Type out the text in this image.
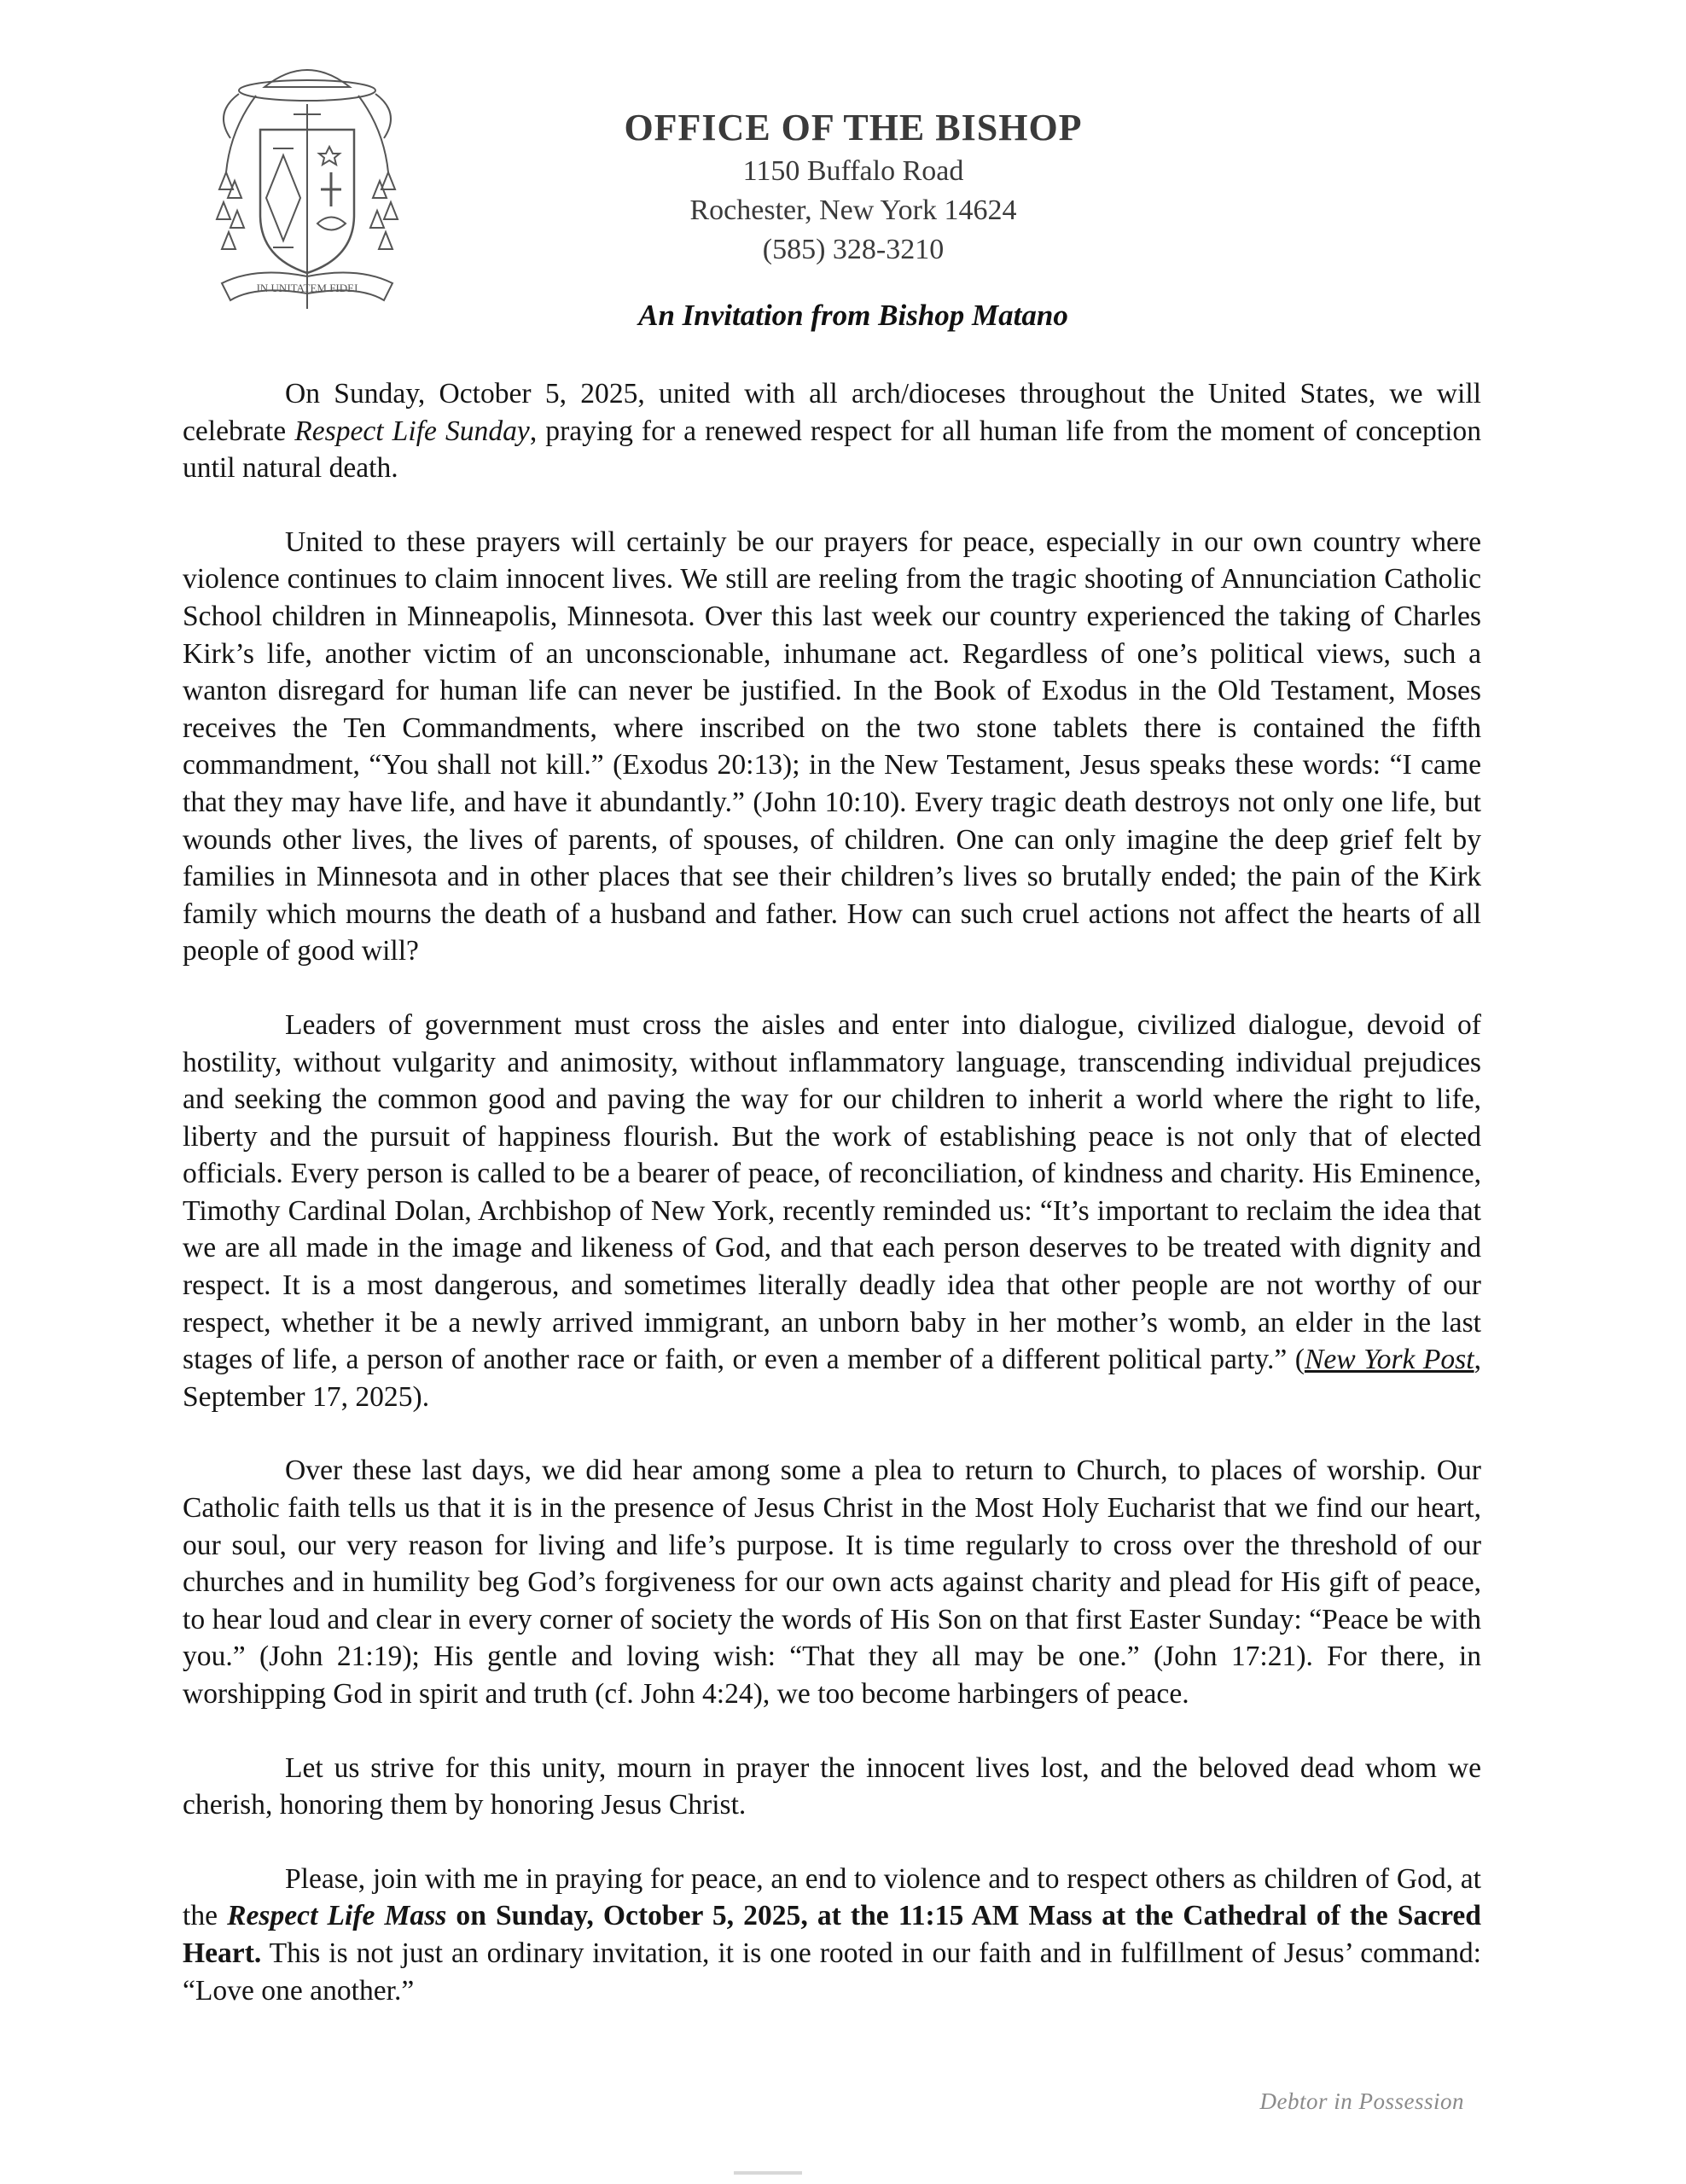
IN UNITATEM FIDEI
OFFICE OF THE BISHOP
1150 Buffalo Road
Rochester, New York 14624
(585) 328-3210
An Invitation from Bishop Matano

On Sunday, October 5, 2025, united with all arch/dioceses throughout the United States, we will celebrate Respect Life Sunday, praying for a renewed respect for all human life from the moment of conception until natural death.

United to these prayers will certainly be our prayers for peace, especially in our own country where violence continues to claim innocent lives. We still are reeling from the tragic shooting of Annunciation Catholic School children in Minneapolis, Minnesota. Over this last week our country experienced the taking of Charles Kirk’s life, another victim of an unconscionable, inhumane act. Regardless of one’s political views, such a wanton disregard for human life can never be justified. In the Book of Exodus in the Old Testament, Moses receives the Ten Commandments, where inscribed on the two stone tablets there is contained the fifth commandment, “You shall not kill.” (Exodus 20:13); in the New Testament, Jesus speaks these words: “I came that they may have life, and have it abundantly.” (John 10:10). Every tragic death destroys not only one life, but wounds other lives, the lives of parents, of spouses, of children. One can only imagine the deep grief felt by families in Minnesota and in other places that see their children’s lives so brutally ended; the pain of the Kirk family which mourns the death of a husband and father. How can such cruel actions not affect the hearts of all people of good will?

Leaders of government must cross the aisles and enter into dialogue, civilized dialogue, devoid of hostility, without vulgarity and animosity, without inflammatory language, transcending individual prejudices and seeking the common good and paving the way for our children to inherit a world where the right to life, liberty and the pursuit of happiness flourish. But the work of establishing peace is not only that of elected officials. Every person is called to be a bearer of peace, of reconciliation, of kindness and charity. His Eminence, Timothy Cardinal Dolan, Archbishop of New York, recently reminded us: “It’s important to reclaim the idea that we are all made in the image and likeness of God, and that each person deserves to be treated with dignity and respect. It is a most dangerous, and sometimes literally deadly idea that other people are not worthy of our respect, whether it be a newly arrived immigrant, an unborn baby in her mother’s womb, an elder in the last stages of life, a person of another race or faith, or even a member of a different political party.” (New York Post, September 17, 2025).

Over these last days, we did hear among some a plea to return to Church, to places of worship. Our Catholic faith tells us that it is in the presence of Jesus Christ in the Most Holy Eucharist that we find our heart, our soul, our very reason for living and life’s purpose. It is time regularly to cross over the threshold of our churches and in humility beg God’s forgiveness for our own acts against charity and plead for His gift of peace, to hear loud and clear in every corner of society the words of His Son on that first Easter Sunday: “Peace be with you.” (John 21:19); His gentle and loving wish: “That they all may be one.” (John 17:21). For there, in worshipping God in spirit and truth (cf. John 4:24), we too become harbingers of peace.

Let us strive for this unity, mourn in prayer the innocent lives lost, and the beloved dead whom we cherish, honoring them by honoring Jesus Christ.

Please, join with me in praying for peace, an end to violence and to respect others as children of God, at the Respect Life Mass on Sunday, October 5, 2025, at the 11:15 AM Mass at the Cathedral of the Sacred Heart. This is not just an ordinary invitation, it is one rooted in our faith and in fulfillment of Jesus’ command: “Love one another.”

Debtor in Possession
